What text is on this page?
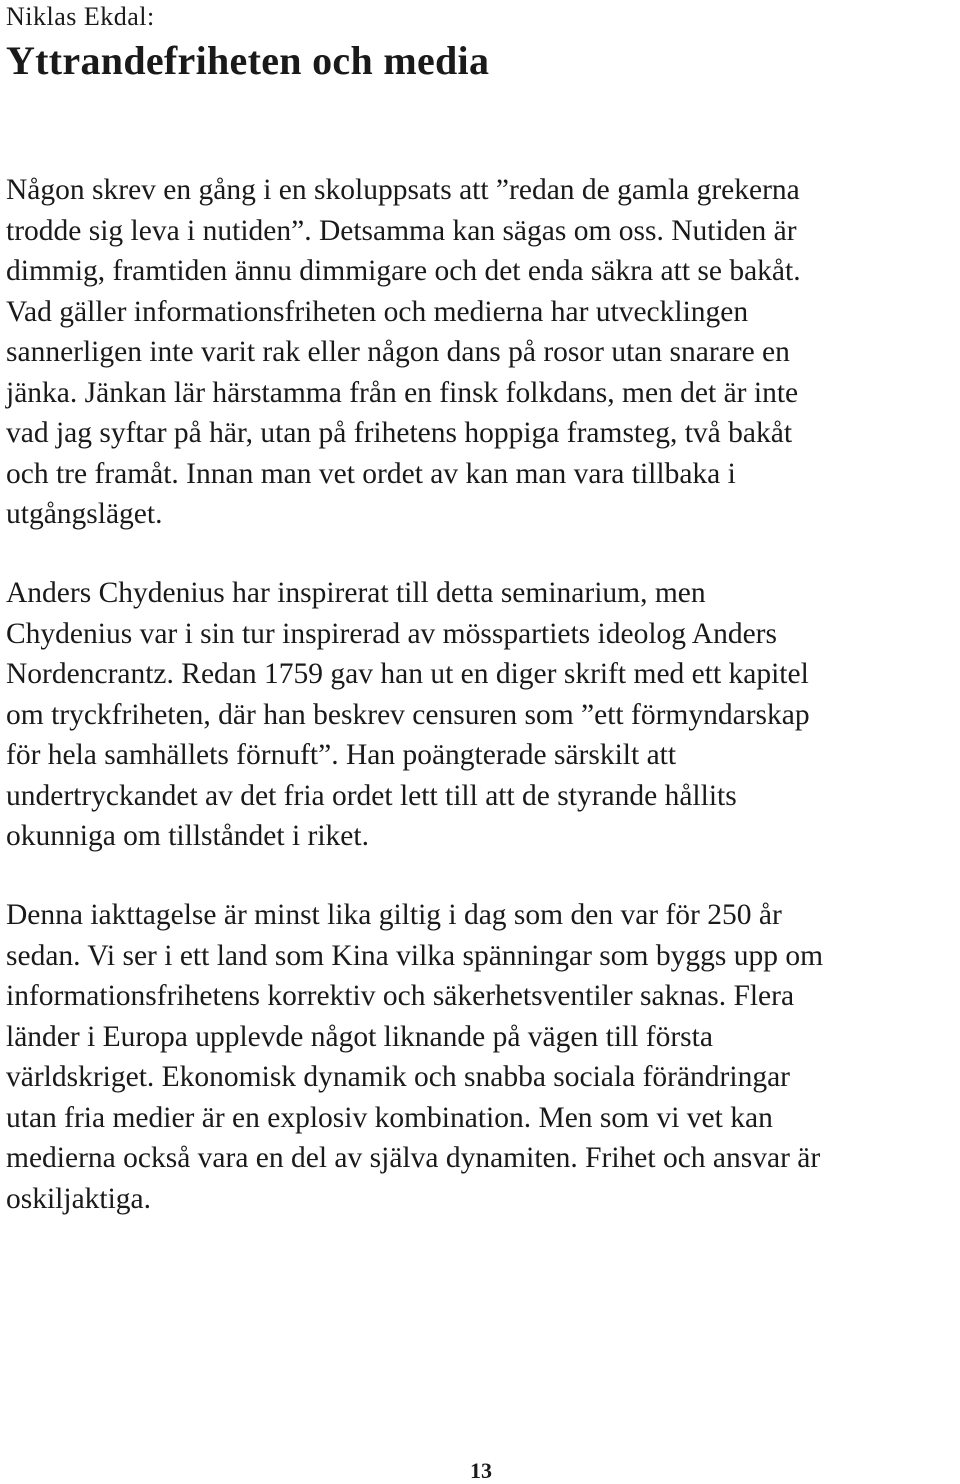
Niklas Ekdal:

Yttrandefriheten och media

Någon skrev en gång i en skoluppsats att ”redan de gamla grekerna
trodde sig leva i nutiden”. Detsamma kan sägas om oss. Nutiden är
dimmig, framtiden ännu dimmigare och det enda säkra att se bakåt.
Vad gäller informationsfriheten och medierna har utvecklingen
sannerligen inte varit rak eller någon dans på rosor utan snarare en
jänka. Jänkan lär härstamma från en finsk folkdans, men det är inte
vad jag syftar på här, utan på frihetens hoppiga framsteg, två bakåt
och tre framåt. Innan man vet ordet av kan man vara tillbaka i
utgångsläget.

Anders Chydenius har inspirerat till detta seminarium, men
Chydenius var i sin tur inspirerad av mösspartiets ideolog Anders
Nordencrantz. Redan 1759 gav han ut en diger skrift med ett kapitel
om tryckfriheten, där han beskrev censuren som ”ett förmyndarskap
för hela samhällets förnuft”. Han poängterade särskilt att
undertryckandet av det fria ordet lett till att de styrande hållits
okunniga om tillståndet i riket.

Denna iakttagelse är minst lika giltig i dag som den var för 250 år
sedan. Vi ser i ett land som Kina vilka spänningar som byggs upp om
informationsfrihetens korrektiv och säkerhetsventiler saknas. Flera
länder i Europa upplevde något liknande på vägen till första
världskriget. Ekonomisk dynamik och snabba sociala förändringar
utan fria medier är en explosiv kombination. Men som vi vet kan
medierna också vara en del av själva dynamiten. Frihet och ansvar är
oskiljaktiga.

13
